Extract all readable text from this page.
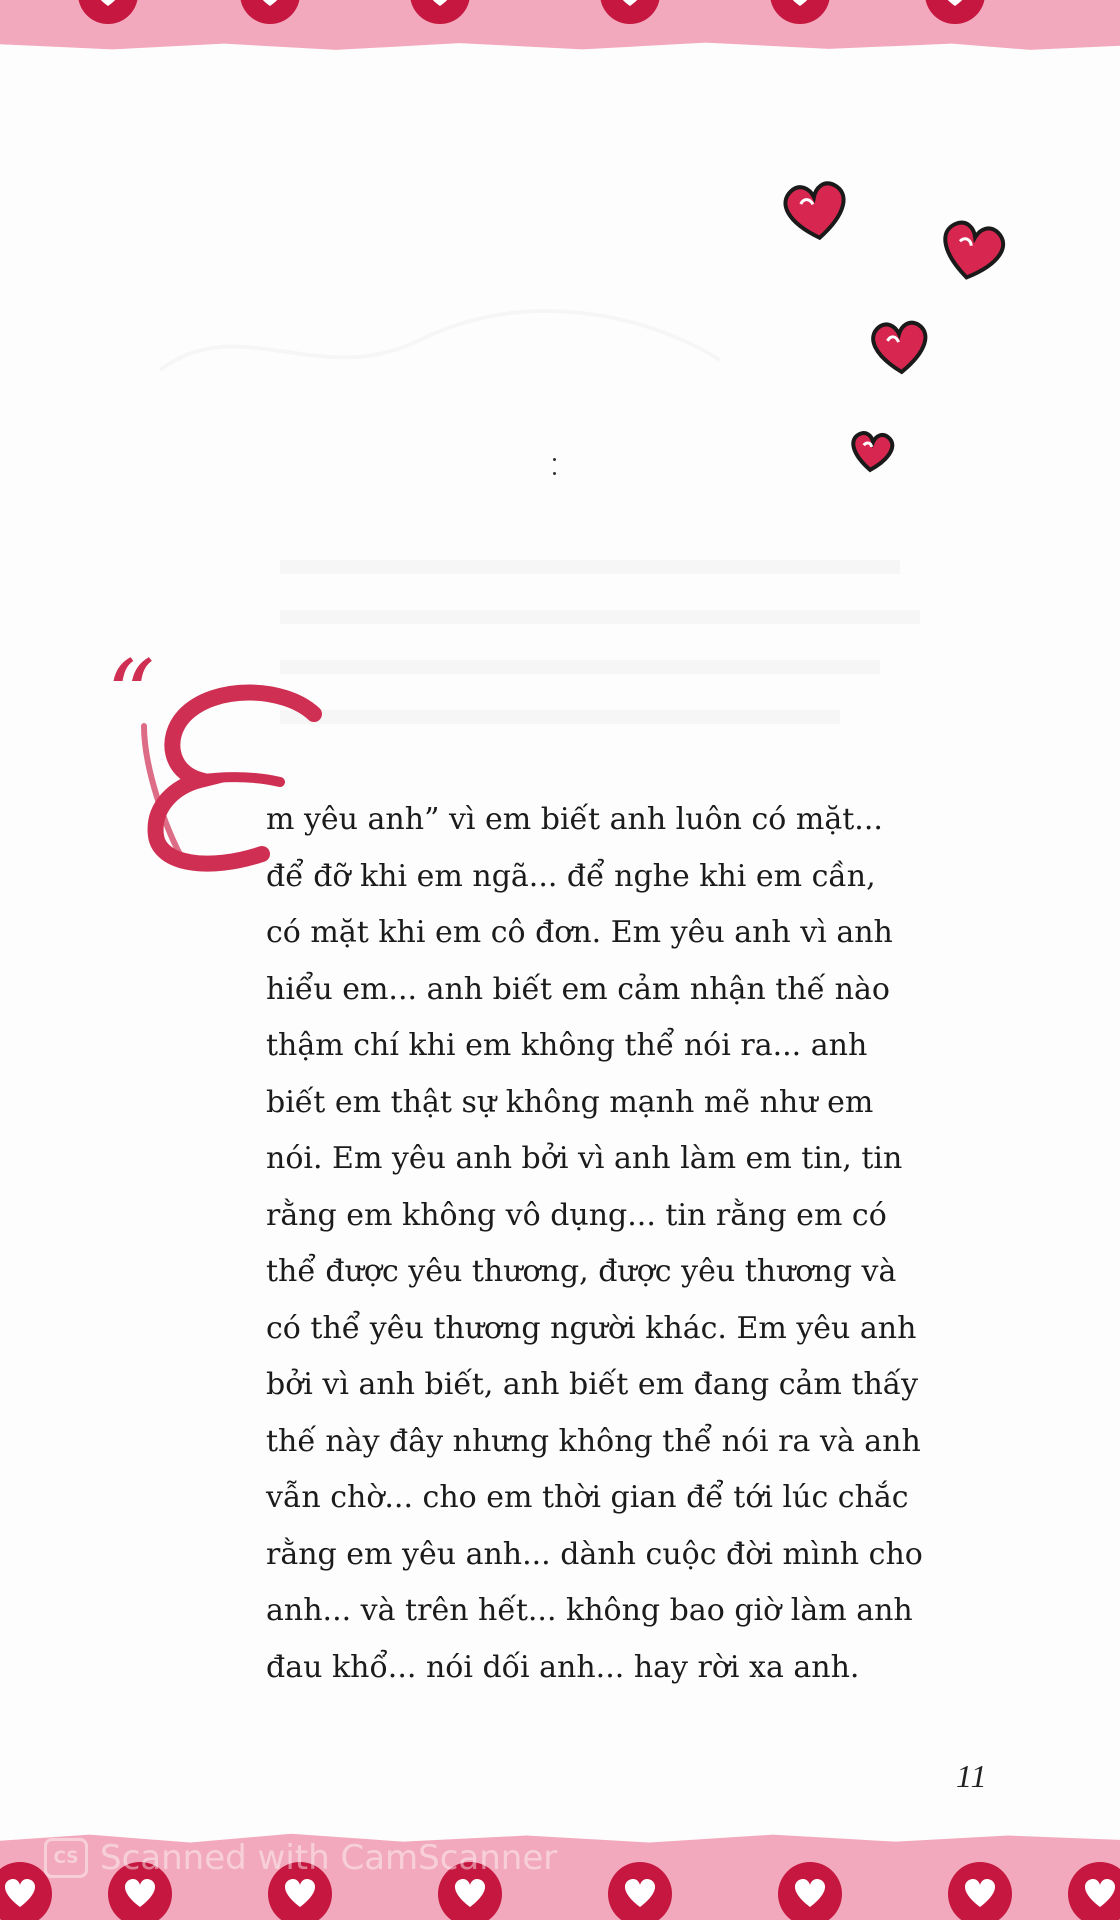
“

m yêu anh” vì em biết anh luôn có mặt...
để đỡ khi em ngã... để nghe khi em cần,
có mặt khi em cô đơn. Em yêu anh vì anh
hiểu em... anh biết em cảm nhận thế nào
thậm chí khi em không thể nói ra... anh
biết em thật sự không mạnh mẽ như em
nói. Em yêu anh bởi vì anh làm em tin, tin
rằng em không vô dụng... tin rằng em có
thể được yêu thương, được yêu thương và
có thể yêu thương người khác. Em yêu anh
bởi vì anh biết, anh biết em đang cảm thấy
thế này đây nhưng không thể nói ra và anh
vẫn chờ... cho em thời gian để tới lúc chắc
rằng em yêu anh... dành cuộc đời mình cho
anh... và trên hết... không bao giờ làm anh
đau khổ... nói dối anh... hay rời xa anh.

11
CS Scanned with CamScanner
